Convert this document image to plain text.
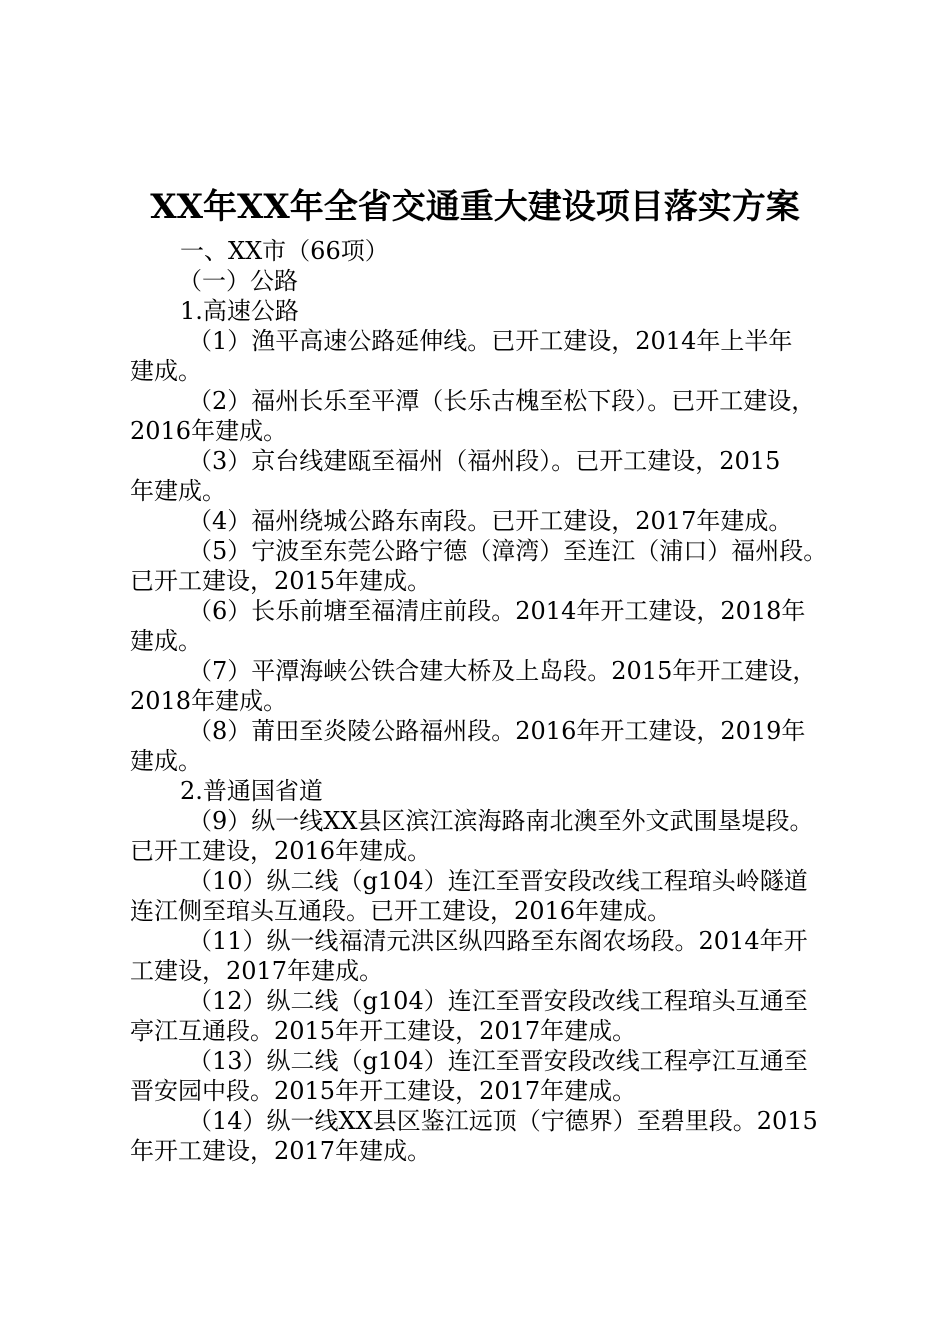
XX年XX年全省交通重大建设项目落实方案
一、XX市（66项）
（一）公路
1.高速公路
（1）渔平高速公路延伸线。已开工建设，2014年上半年
建成。
（2）福州长乐至平潭（长乐古槐至松下段）。已开工建设，
2016年建成。
（3）京台线建瓯至福州（福州段）。已开工建设，2015
年建成。
（4）福州绕城公路东南段。已开工建设，2017年建成。
（5）宁波至东莞公路宁德（漳湾）至连江（浦口）福州段。
已开工建设，2015年建成。
（6）长乐前塘至福清庄前段。2014年开工建设，2018年
建成。
（7）平潭海峡公铁合建大桥及上岛段。2015年开工建设，
2018年建成。
（8）莆田至炎陵公路福州段。2016年开工建设，2019年
建成。
2.普通国省道
（9）纵一线XX县区滨江滨海路南北澳至外文武围垦堤段。
已开工建设，2016年建成。
（10）纵二线（g104）连江至晋安段改线工程琯头岭隧道
连江侧至琯头互通段。已开工建设，2016年建成。
（11）纵一线福清元洪区纵四路至东阁农场段。2014年开
工建设，2017年建成。
（12）纵二线（g104）连江至晋安段改线工程琯头互通至
亭江互通段。2015年开工建设，2017年建成。
（13）纵二线（g104）连江至晋安段改线工程亭江互通至
晋安园中段。2015年开工建设，2017年建成。
（14）纵一线XX县区鉴江远顶（宁德界）至碧里段。2015
年开工建设，2017年建成。
